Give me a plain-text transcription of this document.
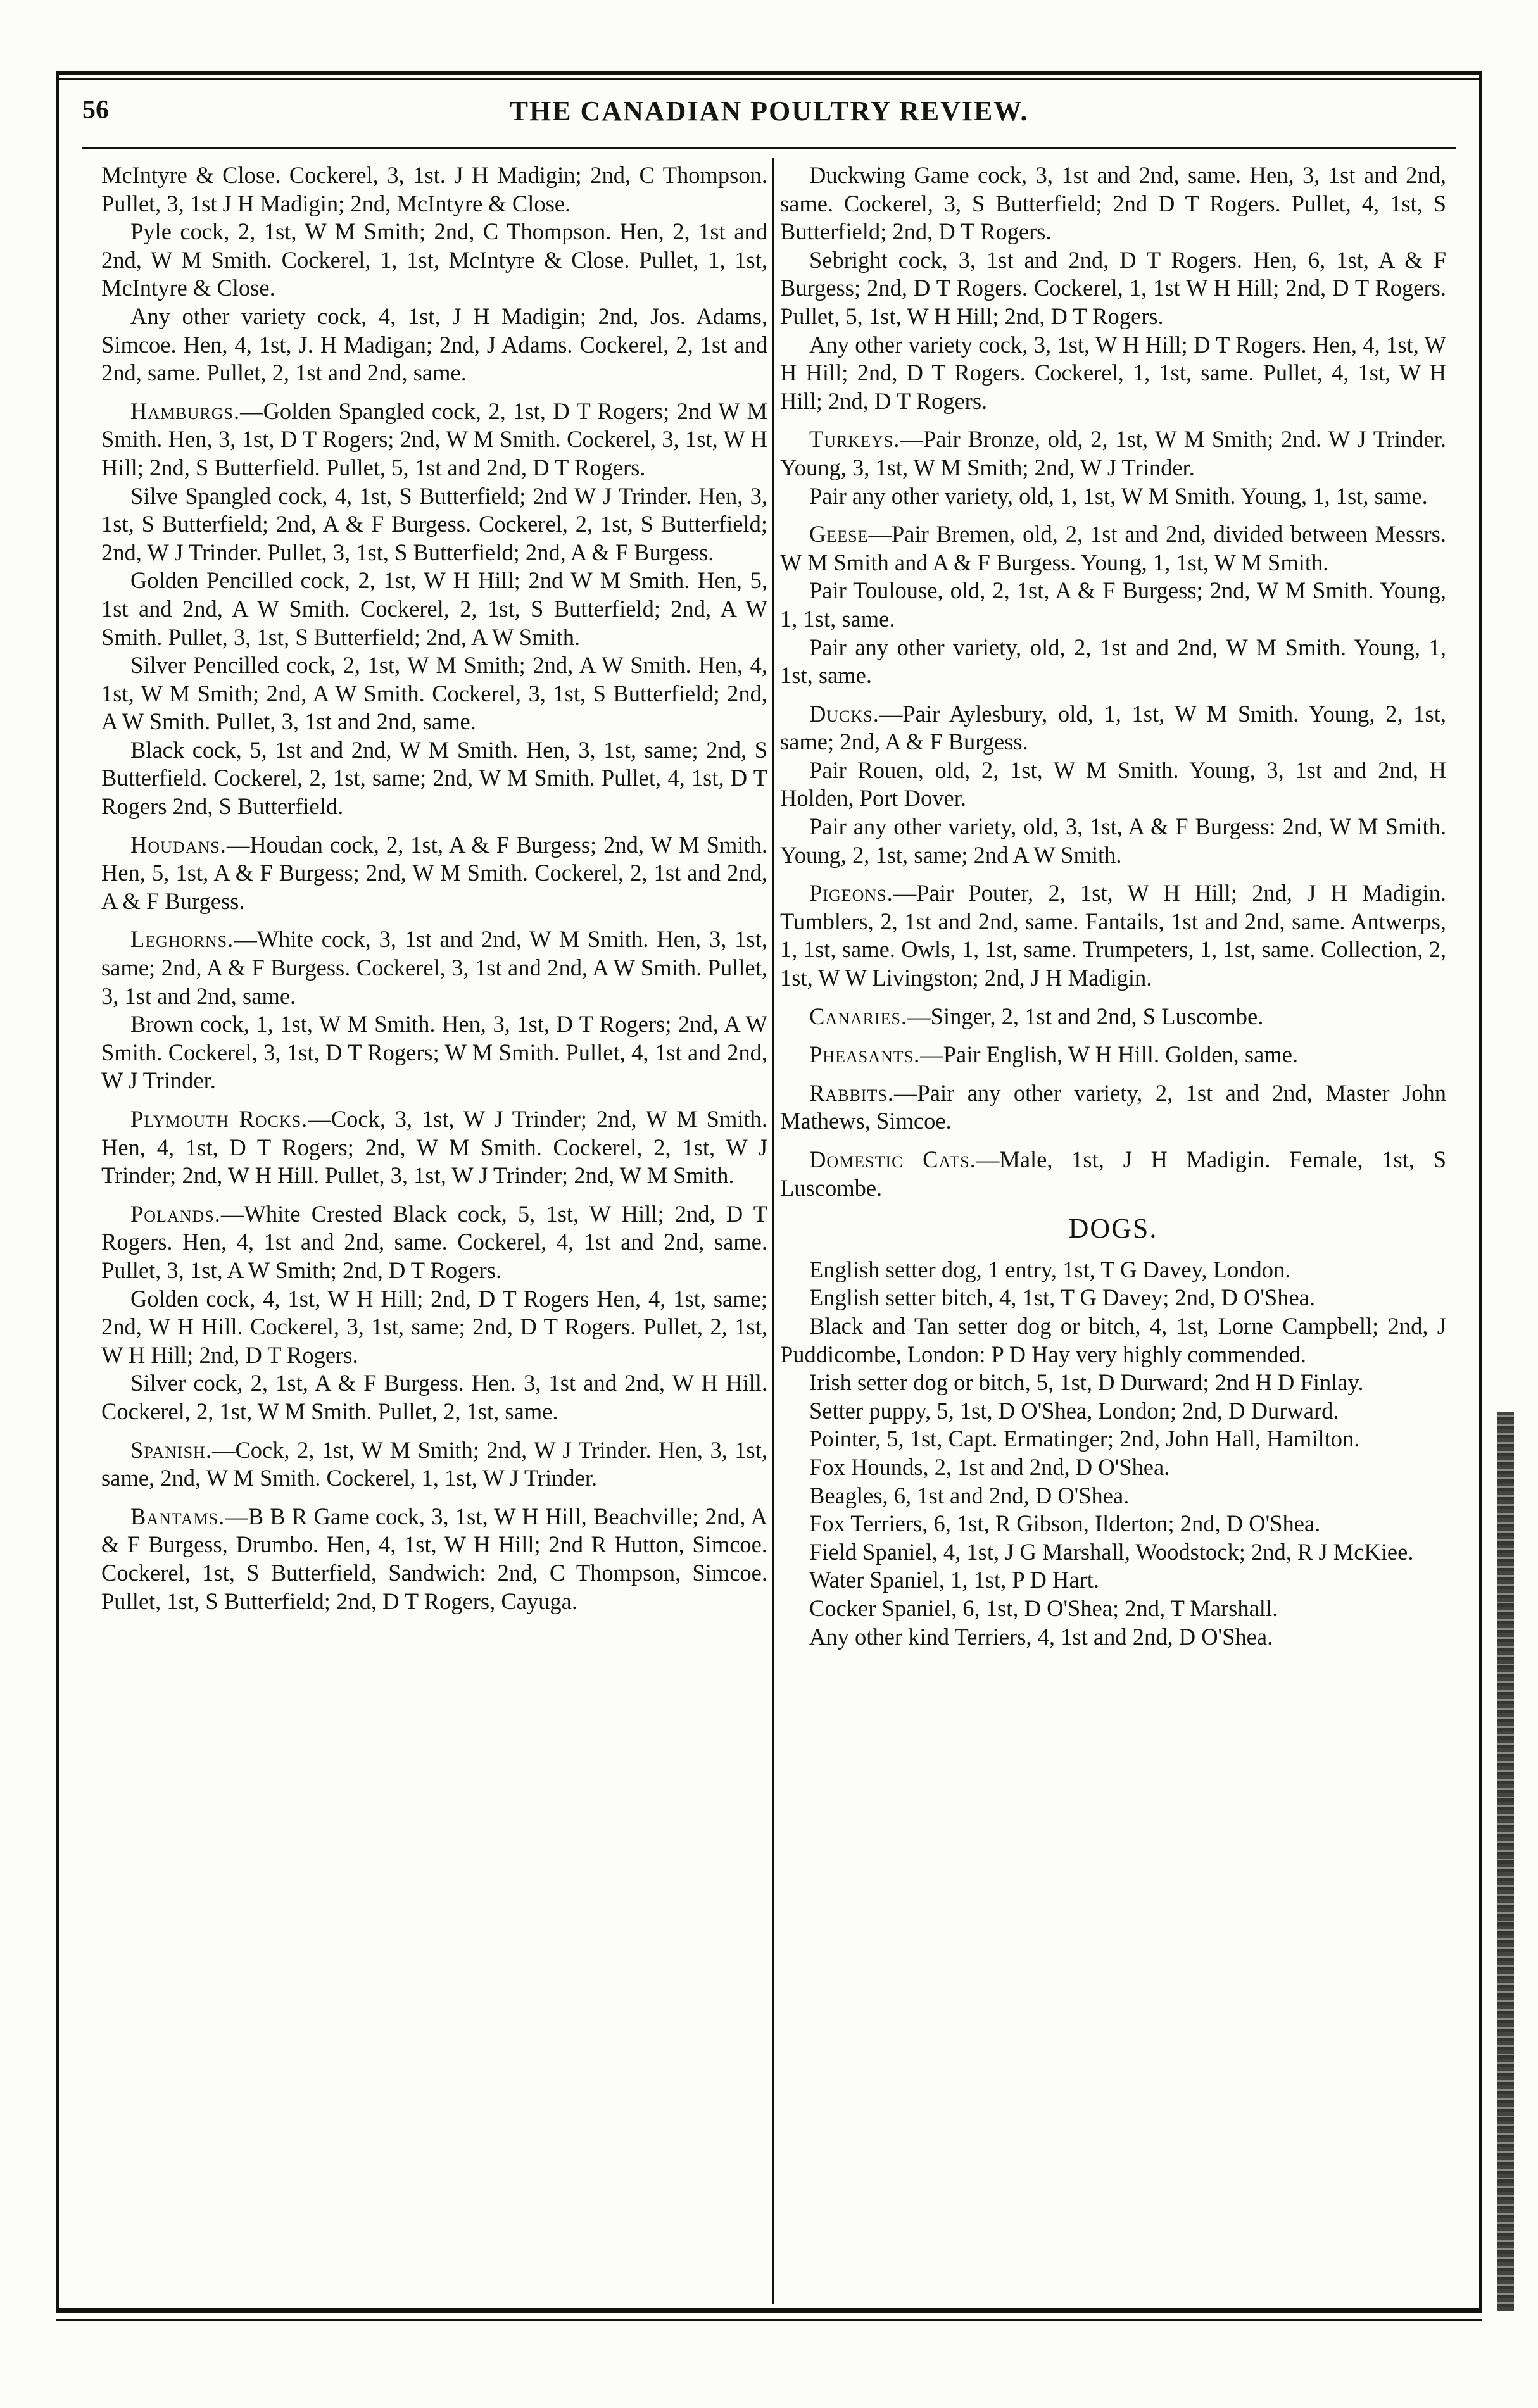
56	THE CANADIAN POULTRY REVIEW.

McIntyre & Close. Cockerel, 3, 1st. J H Madigin; 2nd, C Thompson. Pullet, 3, 1st J H Madigin; 2nd, McIntyre & Close.

Pyle cock, 2, 1st, W M Smith; 2nd, C Thompson. Hen, 2, 1st and 2nd, W M Smith. Cockerel, 1, 1st, McIntyre & Close. Pullet, 1, 1st, McIntyre & Close.

Any other variety cock, 4, 1st, J H Madigin; 2nd, Jos. Adams, Simcoe. Hen, 4, 1st, J. H Madigan; 2nd, J Adams. Cockerel, 2, 1st and 2nd, same. Pullet, 2, 1st and 2nd, same.

Hamburgs.—Golden Spangled cock, 2, 1st, D T Rogers; 2nd W M Smith. Hen, 3, 1st, D T Rogers; 2nd, W M Smith. Cockerel, 3, 1st, W H Hill; 2nd, S Butterfield. Pullet, 5, 1st and 2nd, D T Rogers.

Silve Spangled cock, 4, 1st, S Butterfield; 2nd W J Trinder. Hen, 3, 1st, S Butterfield; 2nd, A & F Burgess. Cockerel, 2, 1st, S Butterfield; 2nd, W J Trinder. Pullet, 3, 1st, S Butterfield; 2nd, A & F Burgess.

Golden Pencilled cock, 2, 1st, W H Hill; 2nd W M Smith. Hen, 5, 1st and 2nd, A W Smith. Cockerel, 2, 1st, S Butterfield; 2nd, A W Smith. Pullet, 3, 1st, S Butterfield; 2nd, A W Smith.

Silver Pencilled cock, 2, 1st, W M Smith; 2nd, A W Smith. Hen, 4, 1st, W M Smith; 2nd, A W Smith. Cockerel, 3, 1st, S Butterfield; 2nd, A W Smith. Pullet, 3, 1st and 2nd, same.

Black cock, 5, 1st and 2nd, W M Smith. Hen, 3, 1st, same; 2nd, S Butterfield. Cockerel, 2, 1st, same; 2nd, W M Smith. Pullet, 4, 1st, D T Rogers 2nd, S Butterfield.

Houdans.—Houdan cock, 2, 1st, A & F Burgess; 2nd, W M Smith. Hen, 5, 1st, A & F Burgess; 2nd, W M Smith. Cockerel, 2, 1st and 2nd, A & F Burgess.

Leghorns.—White cock, 3, 1st and 2nd, W M Smith. Hen, 3, 1st, same; 2nd, A & F Burgess. Cockerel, 3, 1st and 2nd, A W Smith. Pullet, 3, 1st and 2nd, same.

Brown cock, 1, 1st, W M Smith. Hen, 3, 1st, D T Rogers; 2nd, A W Smith. Cockerel, 3, 1st, D T Rogers; W M Smith. Pullet, 4, 1st and 2nd, W J Trinder.

Plymouth Rocks.—Cock, 3, 1st, W J Trinder; 2nd, W M Smith. Hen, 4, 1st, D T Rogers; 2nd, W M Smith. Cockerel, 2, 1st, W J Trinder; 2nd, W H Hill. Pullet, 3, 1st, W J Trinder; 2nd, W M Smith.

Polands.—White Crested Black cock, 5, 1st, W Hill; 2nd, D T Rogers. Hen, 4, 1st and 2nd, same. Cockerel, 4, 1st and 2nd, same. Pullet, 3, 1st, A W Smith; 2nd, D T Rogers.

Golden cock, 4, 1st, W H Hill; 2nd, D T Rogers Hen, 4, 1st, same; 2nd, W H Hill. Cockerel, 3, 1st, same; 2nd, D T Rogers. Pullet, 2, 1st, W H Hill; 2nd, D T Rogers.

Silver cock, 2, 1st, A & F Burgess. Hen. 3, 1st and 2nd, W H Hill. Cockerel, 2, 1st, W M Smith. Pullet, 2, 1st, same.

Spanish.—Cock, 2, 1st, W M Smith; 2nd, W J Trinder. Hen, 3, 1st, same, 2nd, W M Smith. Cockerel, 1, 1st, W J Trinder.

Bantams.—B B R Game cock, 3, 1st, W H Hill, Beachville; 2nd, A & F Burgess, Drumbo. Hen, 4, 1st, W H Hill; 2nd R Hutton, Simcoe. Cockerel, 1st, S Butterfield, Sandwich: 2nd, C Thompson, Simcoe. Pullet, 1st, S Butterfield; 2nd, D T Rogers, Cayuga.

Duckwing Game cock, 3, 1st and 2nd, same. Hen, 3, 1st and 2nd, same. Cockerel, 3, S Butterfield; 2nd D T Rogers. Pullet, 4, 1st, S Butterfield; 2nd, D T Rogers.

Sebright cock, 3, 1st and 2nd, D T Rogers. Hen, 6, 1st, A & F Burgess; 2nd, D T Rogers. Cockerel, 1, 1st W H Hill; 2nd, D T Rogers. Pullet, 5, 1st, W H Hill; 2nd, D T Rogers.

Any other variety cock, 3, 1st, W H Hill; D T Rogers. Hen, 4, 1st, W H Hill; 2nd, D T Rogers. Cockerel, 1, 1st, same. Pullet, 4, 1st, W H Hill; 2nd, D T Rogers.

Turkeys.—Pair Bronze, old, 2, 1st, W M Smith; 2nd. W J Trinder. Young, 3, 1st, W M Smith; 2nd, W J Trinder.

Pair any other variety, old, 1, 1st, W M Smith. Young, 1, 1st, same.

Geese—Pair Bremen, old, 2, 1st and 2nd, divided between Messrs. W M Smith and A & F Burgess. Young, 1, 1st, W M Smith.

Pair Toulouse, old, 2, 1st, A & F Burgess; 2nd, W M Smith. Young, 1, 1st, same.

Pair any other variety, old, 2, 1st and 2nd, W M Smith. Young, 1, 1st, same.

Ducks.—Pair Aylesbury, old, 1, 1st, W M Smith. Young, 2, 1st, same; 2nd, A & F Burgess.

Pair Rouen, old, 2, 1st, W M Smith. Young, 3, 1st and 2nd, H Holden, Port Dover.

Pair any other variety, old, 3, 1st, A & F Burgess: 2nd, W M Smith. Young, 2, 1st, same; 2nd A W Smith.

Pigeons.—Pair Pouter, 2, 1st, W H Hill; 2nd, J H Madigin. Tumblers, 2, 1st and 2nd, same. Fantails, 1st and 2nd, same. Antwerps, 1, 1st, same. Owls, 1, 1st, same. Trumpeters, 1, 1st, same. Collection, 2, 1st, W W Livingston; 2nd, J H Madigin.

Canaries.—Singer, 2, 1st and 2nd, S Luscombe.

Pheasants.—Pair English, W H Hill. Golden, same.

Rabbits.—Pair any other variety, 2, 1st and 2nd, Master John Mathews, Simcoe.

Domestic Cats.—Male, 1st, J H Madigin. Female, 1st, S Luscombe.

DOGS.

English setter dog, 1 entry, 1st, T G Davey, London.

English setter bitch, 4, 1st, T G Davey; 2nd, D O'Shea.

Black and Tan setter dog or bitch, 4, 1st, Lorne Campbell; 2nd, J Puddicombe, London: P D Hay very highly commended.

Irish setter dog or bitch, 5, 1st, D Durward; 2nd H D Finlay.

Setter puppy, 5, 1st, D O'Shea, London; 2nd, D Durward.

Pointer, 5, 1st, Capt. Ermatinger; 2nd, John Hall, Hamilton.

Fox Hounds, 2, 1st and 2nd, D O'Shea.

Beagles, 6, 1st and 2nd, D O'Shea.

Fox Terriers, 6, 1st, R Gibson, Ilderton; 2nd, D O'Shea.

Field Spaniel, 4, 1st, J G Marshall, Woodstock; 2nd, R J McKiee.

Water Spaniel, 1, 1st, P D Hart.

Cocker Spaniel, 6, 1st, D O'Shea; 2nd, T Marshall.

Any other kind Terriers, 4, 1st and 2nd, D O'Shea.
